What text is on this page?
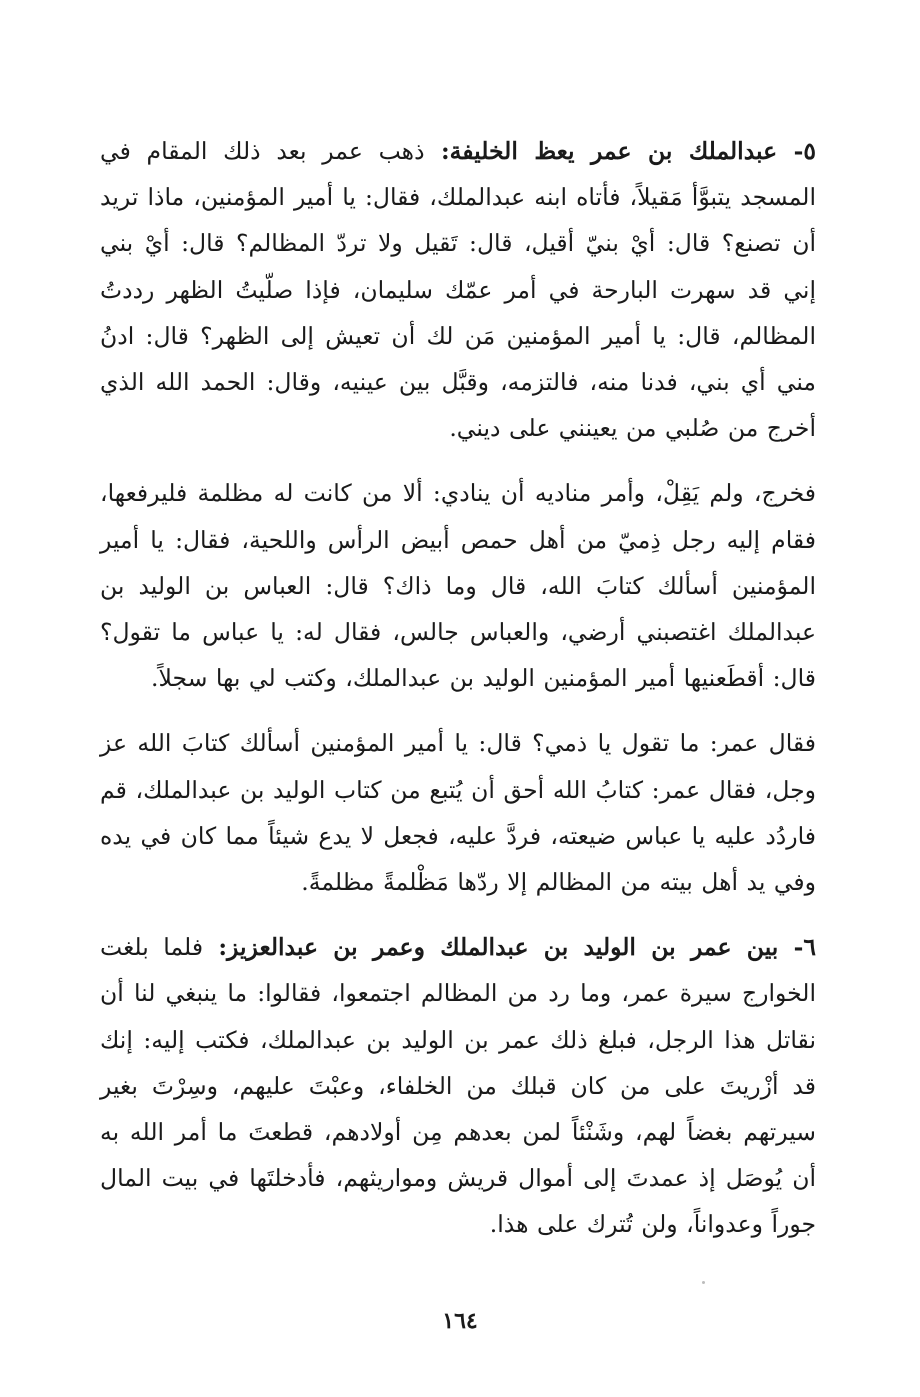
٥- عبدالملك بن عمر يعظ الخليفة: ذهب عمر بعد ذلك المقام في المسجد يتبوَّأ مَقيلاً، فأتاه ابنه عبدالملك، فقال: يا أمير المؤمنين، ماذا تريد أن تصنع؟ قال: أيْ بنيّ أقيل، قال: تَقيل ولا تردّ المظالم؟ قال: أيْ بني إني قد سهرت البارحة في أمر عمّك سليمان، فإذا صلّيتُ الظهر رددتُ المظالم، قال: يا أمير المؤمنين مَن لك أن تعيش إلى الظهر؟ قال: ادنُ مني أي بني، فدنا منه، فالتزمه، وقبَّل بين عينيه، وقال: الحمد الله الذي أخرج من صُلبي من يعينني على ديني.

فخرج، ولم يَقِلْ، وأمر مناديه أن ينادي: ألا من كانت له مظلمة فليرفعها، فقام إليه رجل ذِميّ من أهل حمص أبيض الرأس واللحية، فقال: يا أمير المؤمنين أسألك كتابَ الله، قال وما ذاك؟ قال: العباس بن الوليد بن عبدالملك اغتصبني أرضي، والعباس جالس، فقال له: يا عباس ما تقول؟ قال: أقطَعنيها أمير المؤمنين الوليد بن عبدالملك، وكتب لي بها سجلاً.

فقال عمر: ما تقول يا ذمي؟ قال: يا أمير المؤمنين أسألك كتابَ الله عز وجل، فقال عمر: كتابُ الله أحق أن يُتبع من كتاب الوليد بن عبدالملك، قم فاردُد عليه يا عباس ضيعته، فردَّ عليه، فجعل لا يدع شيئاً مما كان في يده وفي يد أهل بيته من المظالم إلا ردّها مَظْلمةً مظلمةً.

٦- بين عمر بن الوليد بن عبدالملك وعمر بن عبدالعزيز: فلما بلغت الخوارج سيرة عمر، وما رد من المظالم اجتمعوا، فقالوا: ما ينبغي لنا أن نقاتل هذا الرجل، فبلغ ذلك عمر بن الوليد بن عبدالملك، فكتب إليه: إنك قد أزْريتَ على من كان قبلك من الخلفاء، وعبْتَ عليهم، وسِرْتَ بغير سيرتهم بغضاً لهم، وشَنْئاً لمن بعدهم مِن أولادهم، قطعتَ ما أمر الله به أن يُوصَل إذ عمدتَ إلى أموال قريش ومواريثهم، فأدخلتَها في بيت المال جوراً وعدواناً، ولن تُترك على هذا.

١٦٤
